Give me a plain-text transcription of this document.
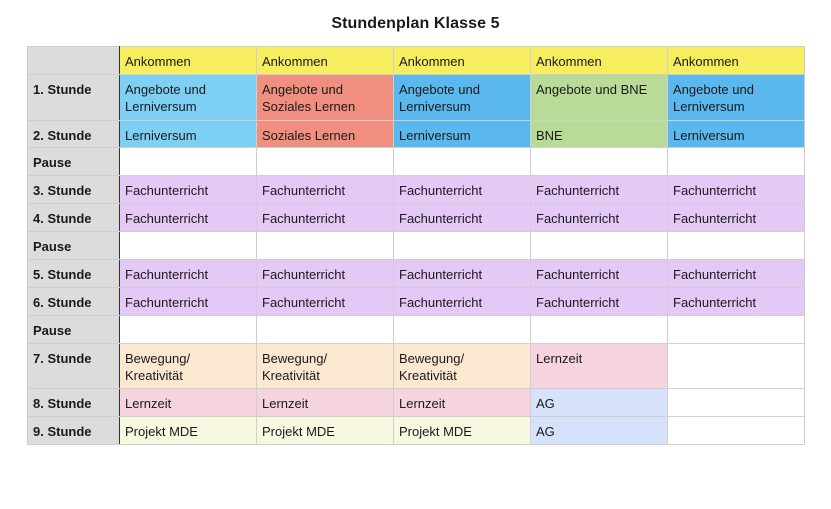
Stundenplan Klasse 5

	Ankommen	Ankommen	Ankommen	Ankommen	Ankommen

1. Stunde	Angebote und Lerniversum	Angebote und Soziales Lernen	Angebote und Lerniversum	Angebote und BNE	Angebote und Lerniversum

2. Stunde	Lerniversum	Soziales Lernen	Lerniversum	BNE	Lerniversum

Pause					

3. Stunde	Fachunterricht	Fachunterricht	Fachunterricht	Fachunterricht	Fachunterricht

4. Stunde	Fachunterricht	Fachunterricht	Fachunterricht	Fachunterricht	Fachunterricht

Pause					

5. Stunde	Fachunterricht	Fachunterricht	Fachunterricht	Fachunterricht	Fachunterricht

6. Stunde	Fachunterricht	Fachunterricht	Fachunterricht	Fachunterricht	Fachunterricht

Pause					

7. Stunde	Bewegung/ Kreativität	Bewegung/ Kreativität	Bewegung/ Kreativität	Lernzeit	

8. Stunde	Lernzeit	Lernzeit	Lernzeit	AG	

9. Stunde	Projekt MDE	Projekt MDE	Projekt MDE	AG	
